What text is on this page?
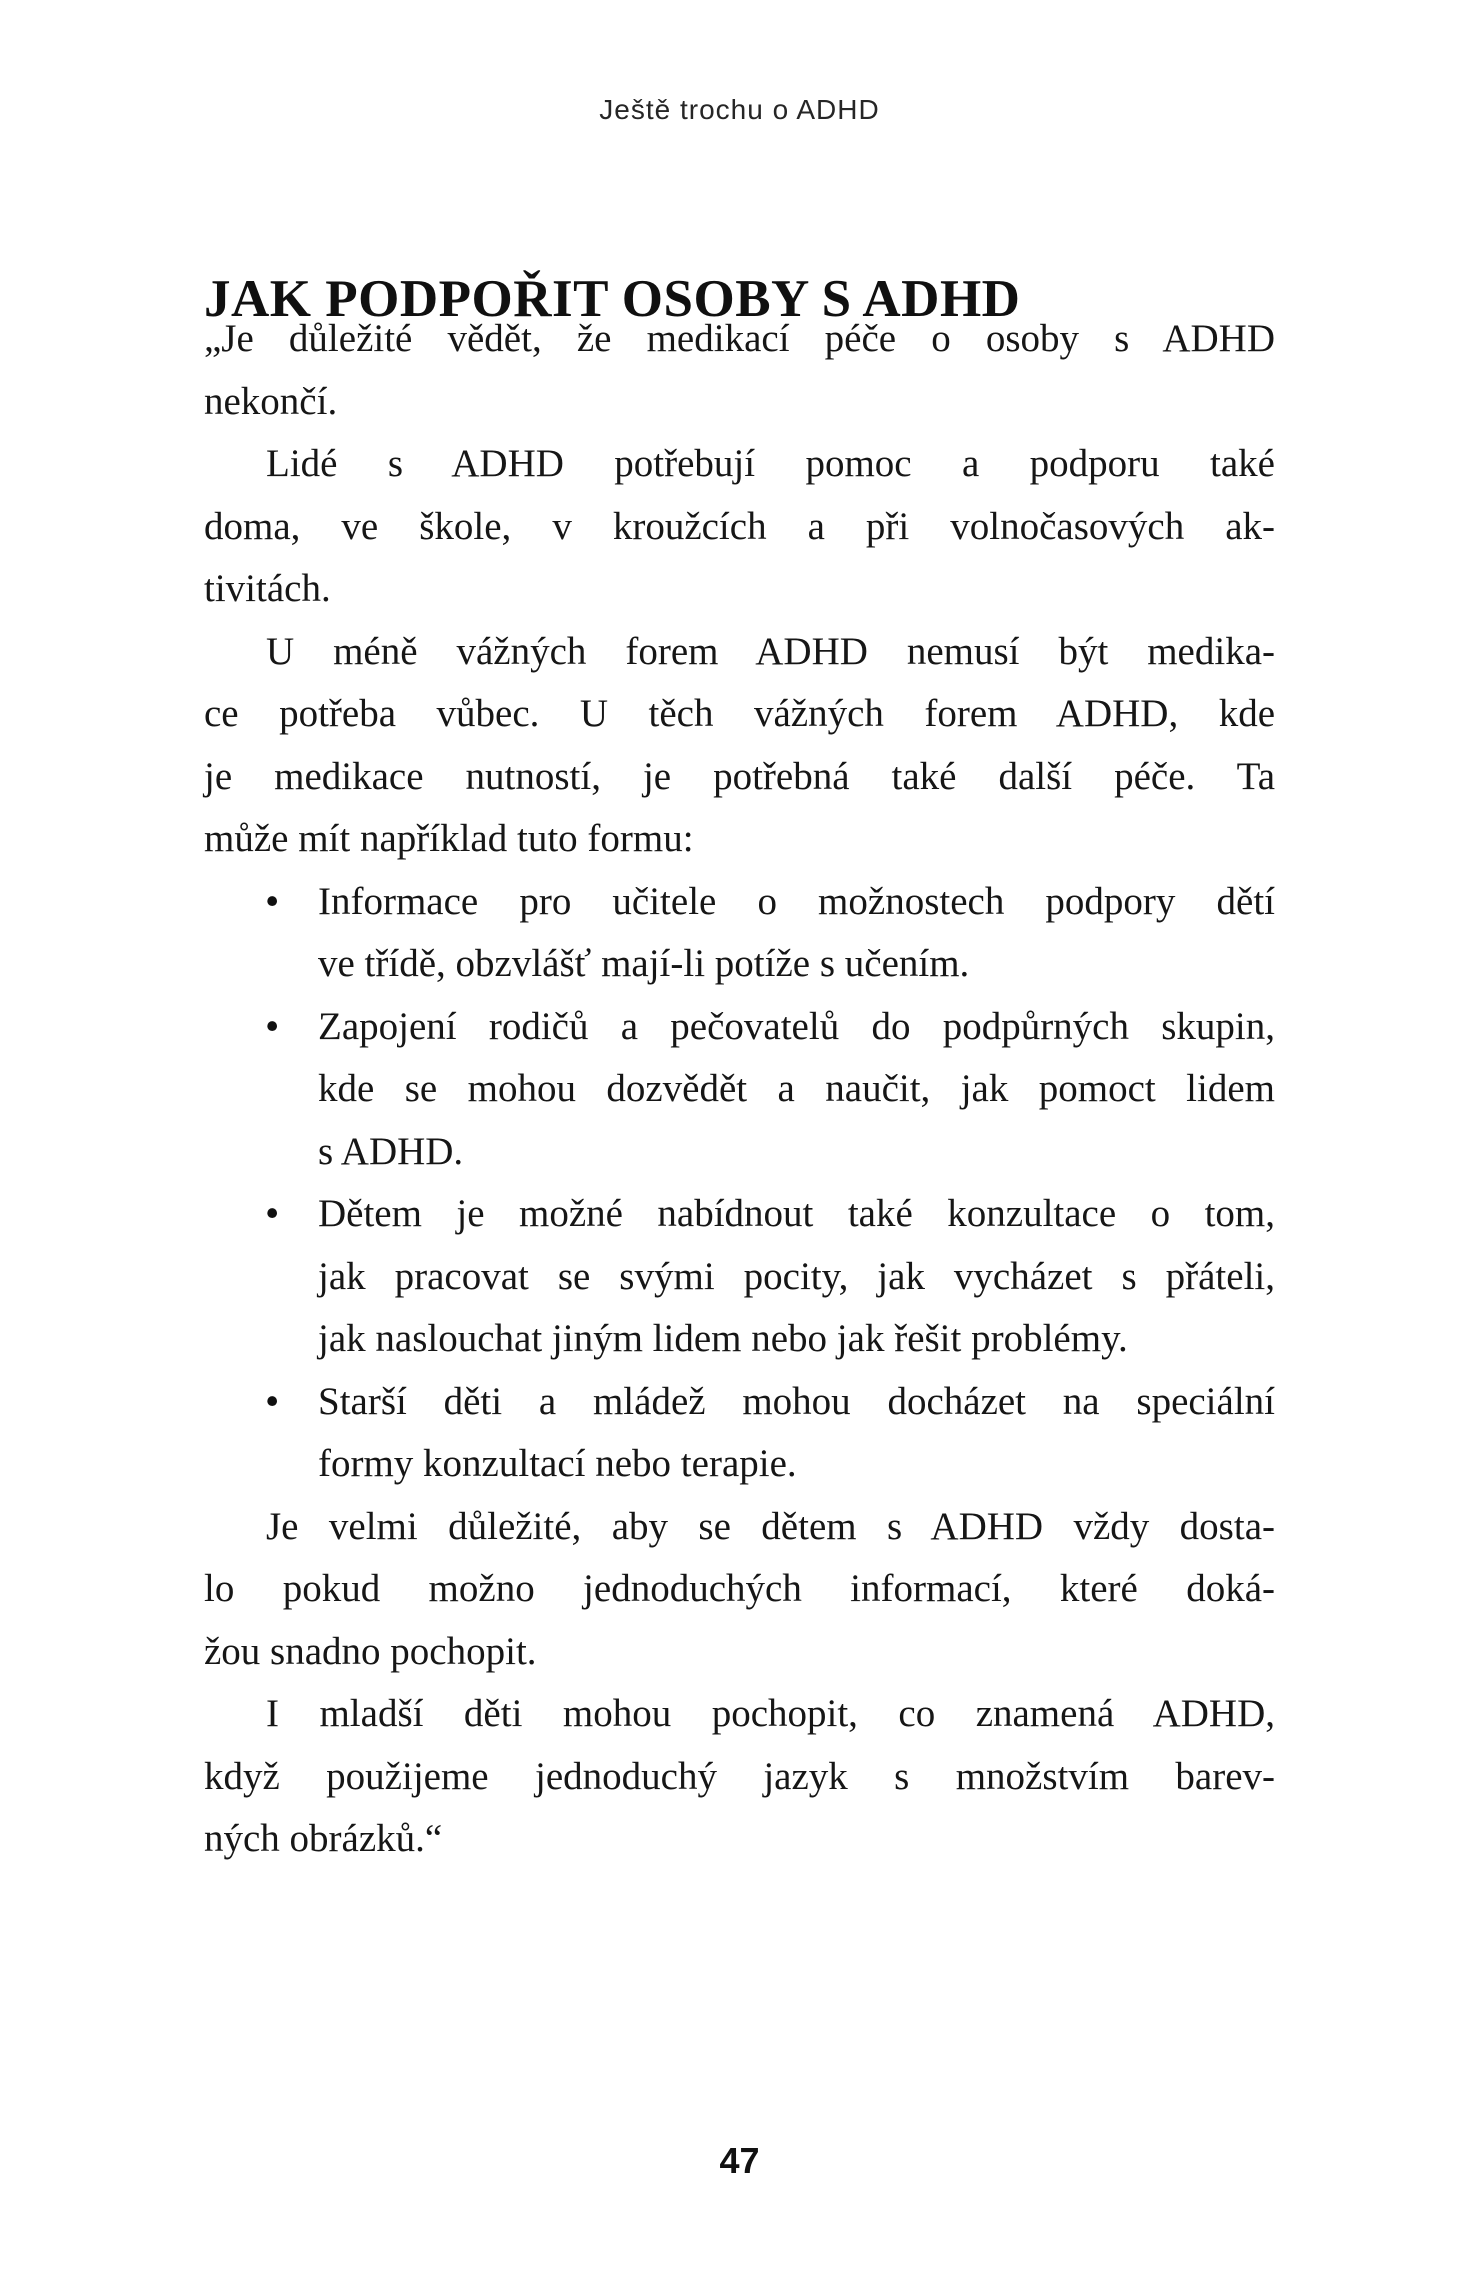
Ještě trochu o ADHD
JAK PODPOŘIT OSOBY S ADHD
„Je důležité vědět, že medikací péče o osoby s ADHD
nekončí.
Lidé s ADHD potřebují pomoc a podporu také
doma, ve škole, v kroužcích a při volnočasových ak-
tivitách.
U méně vážných forem ADHD nemusí být medika-
ce potřeba vůbec. U těch vážných forem ADHD, kde
je medikace nutností, je potřebná také další péče. Ta
může mít například tuto formu:
• Informace pro učitele o možnostech podpory dětí
ve třídě, obzvlášť mají-li potíže s učením.
• Zapojení rodičů a pečovatelů do podpůrných skupin,
kde se mohou dozvědět a naučit, jak pomoct lidem
s ADHD.
• Dětem je možné nabídnout také konzultace o tom,
jak pracovat se svými pocity, jak vycházet s přáteli,
jak naslouchat jiným lidem nebo jak řešit problémy.
• Starší děti a mládež mohou docházet na speciální
formy konzultací nebo terapie.
Je velmi důležité, aby se dětem s ADHD vždy dosta-
lo pokud možno jednoduchých informací, které doká-
žou snadno pochopit.
I mladší děti mohou pochopit, co znamená ADHD,
když použijeme jednoduchý jazyk s množstvím barev-
ných obrázků.“
47
